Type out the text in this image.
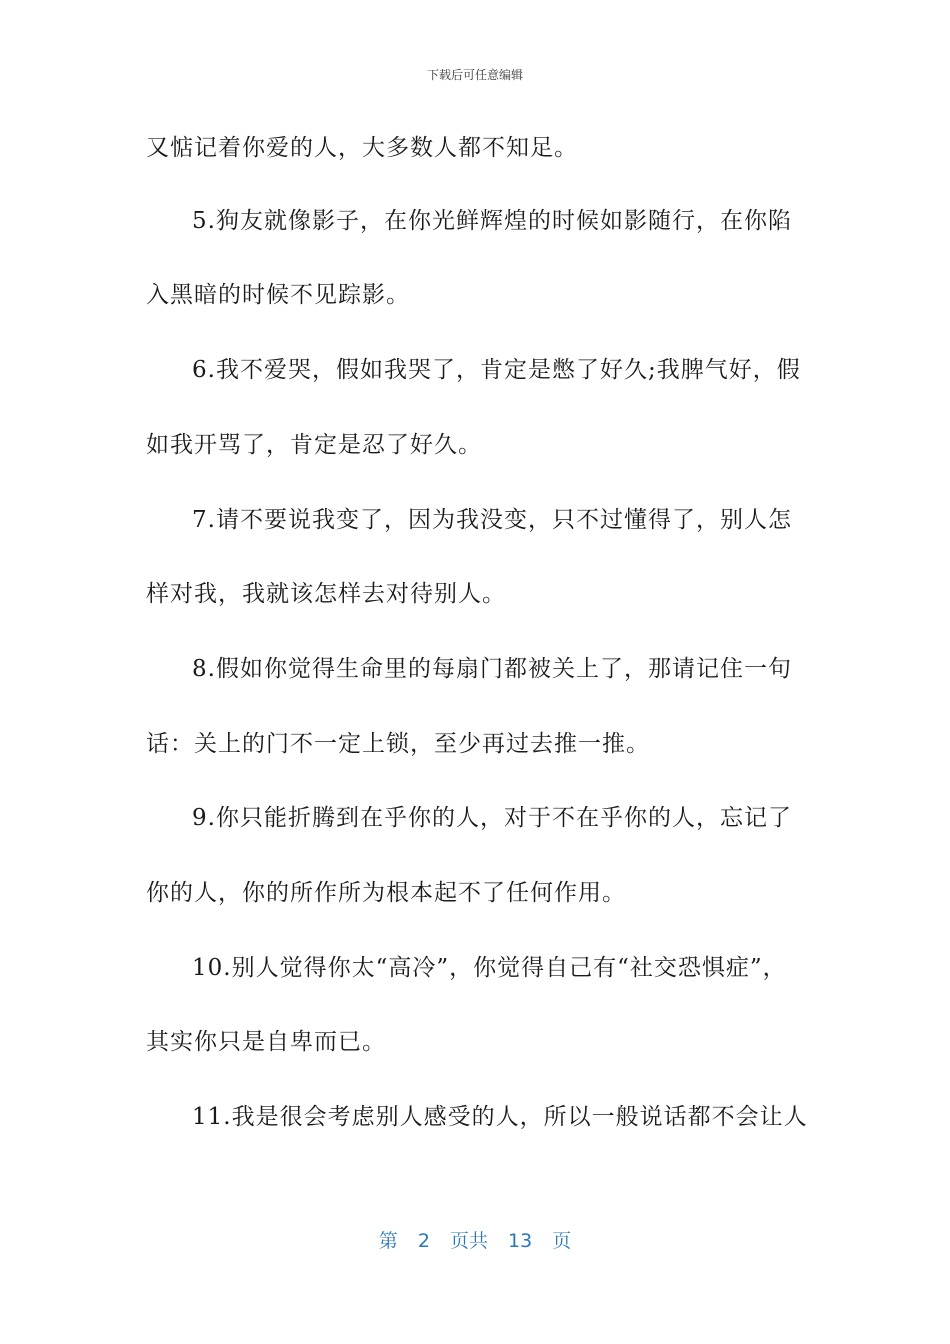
下载后可任意编辑
又惦记着你爱的人，大多数人都不知足。
5.狗友就像影子，在你光鲜辉煌的时候如影随行，在你陷
入黑暗的时候不见踪影。
6.我不爱哭，假如我哭了，肯定是憋了好久;我脾气好，假
如我开骂了，肯定是忍了好久。
7.请不要说我变了，因为我没变，只不过懂得了，别人怎
样对我，我就该怎样去对待别人。
8.假如你觉得生命里的每扇门都被关上了，那请记住一句
话：关上的门不一定上锁，至少再过去推一推。
9.你只能折腾到在乎你的人，对于不在乎你的人，忘记了
你的人，你的所作所为根本起不了任何作用。
10.别人觉得你太“高冷”，你觉得自己有“社交恐惧症”，
其实你只是自卑而已。
11.我是很会考虑别人感受的人，所以一般说话都不会让人
第 2 页共 13 页
